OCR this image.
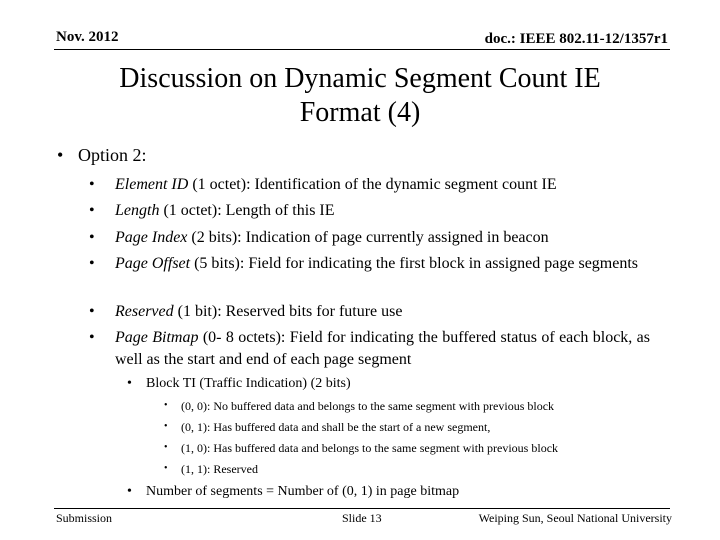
Nov. 2012	doc.: IEEE 802.11-12/1357r1
Discussion on Dynamic Segment Count IE
Format (4)
• Option 2:
• Element ID (1 octet): Identification of the dynamic segment count IE
• Length (1 octet): Length of this IE
• Page Index (2 bits): Indication of page currently assigned in beacon
• Page Offset (5 bits): Field for indicating the first block in assigned page segments
• Reserved (1 bit): Reserved bits for future use
• Page Bitmap (0- 8 octets): Field for indicating the buffered status of each block, as well as the start and end of each page segment
• Block TI (Traffic Indication) (2 bits)
• (0, 0): No buffered data and belongs to the same segment with previous block
• (0, 1): Has buffered data and shall be the start of a new segment,
• (1, 0): Has buffered data and belongs to the same segment with previous block
• (1, 1): Reserved
• Number of segments = Number of (0, 1) in page bitmap
Submission	Slide 13	Weiping Sun, Seoul National University
